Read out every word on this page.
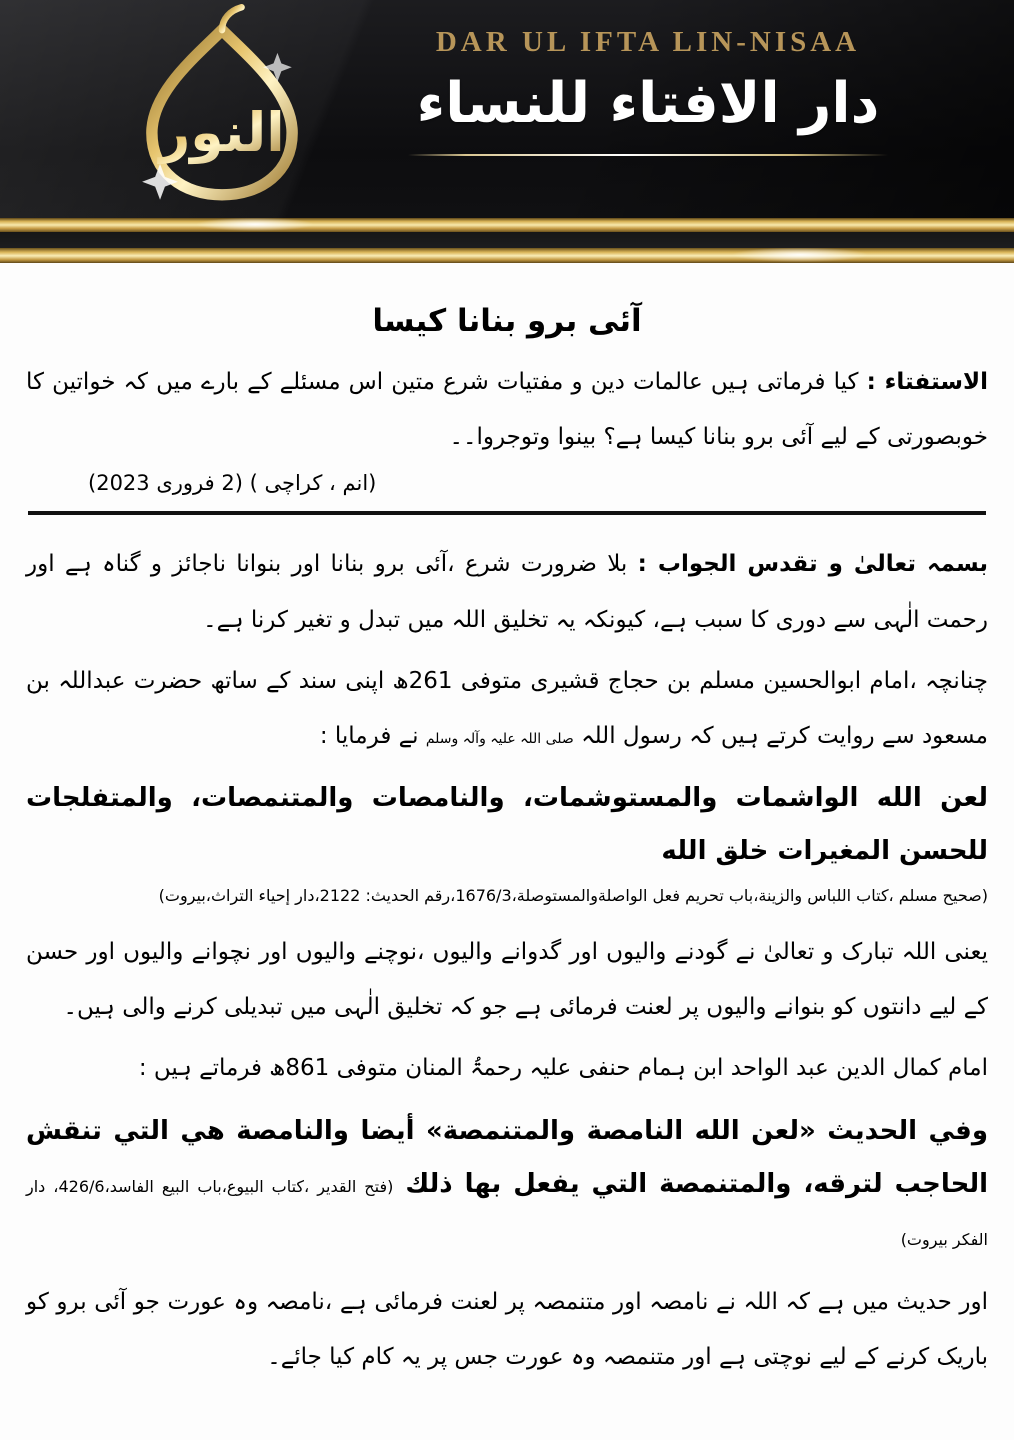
النور
DAR UL IFTA LIN-NISAA
دار الافتاء للنساء
آئی برو بنانا کیسا

الاستفتاء : کیا فرماتی ہیں عالمات دین و مفتیات شرع متین اس مسئلے کے بارے میں کہ خواتین کا خوبصورتی کے لیے آئی برو بنانا کیسا ہے؟ بینوا وتوجروا۔۔

(انم ، کراچی ) (2 فروری 2023)

بسمہ تعالیٰ و تقدس الجواب : بلا ضرورت شرع ،آئی برو بنانا اور بنوانا ناجائز و گناہ ہے اور رحمت الٰہی سے دوری کا سبب ہے، کیونکہ یہ تخلیق اللہ میں تبدل و تغیر کرنا ہے۔

چنانچہ ،امام ابوالحسین مسلم بن حجاج قشیری متوفی 261ھ اپنی سند کے ساتھ حضرت عبداللہ بن مسعود سے روایت کرتے ہیں کہ رسول اللہ صلی اللہ علیہ وآلہ وسلم نے فرمایا :

لعن الله الواشمات والمستوشمات، والنامصات والمتنمصات، والمتفلجات للحسن المغيرات خلق الله

(صحيح مسلم ،كتاب اللباس والزينة،باب تحريم فعل الواصلةوالمستوصلة،1676/3،رقم الحديث: 2122،دار إحياء التراث،بيروت)

یعنی اللہ تبارک و تعالیٰ نے گودنے والیوں اور گدوانے والیوں ،نوچنے والیوں اور نچوانے والیوں اور حسن کے لیے دانتوں کو بنوانے والیوں پر لعنت فرمائی ہے جو کہ تخلیق الٰہی میں تبدیلی کرنے والی ہیں۔

امام کمال الدین عبد الواحد ابن ہمام حنفی علیہ رحمۃُ المنان متوفی 861ھ فرماتے ہیں :

وفي الحديث «لعن الله النامصة والمتنمصة» أيضا والنامصة هي التي تنقش الحاجب لترقه، والمتنمصة التي يفعل بها ذلك (فتح القدير ،كتاب البيوع،باب البيع الفاسد،426/6، دار الفكر بيروت)

اور حدیث میں ہے کہ اللہ نے نامصہ اور متنمصہ پر لعنت فرمائی ہے ،نامصہ وہ عورت جو آئی برو کو باریک کرنے کے لیے نوچتی ہے اور متنمصہ وہ عورت جس پر یہ کام کیا جائے۔
